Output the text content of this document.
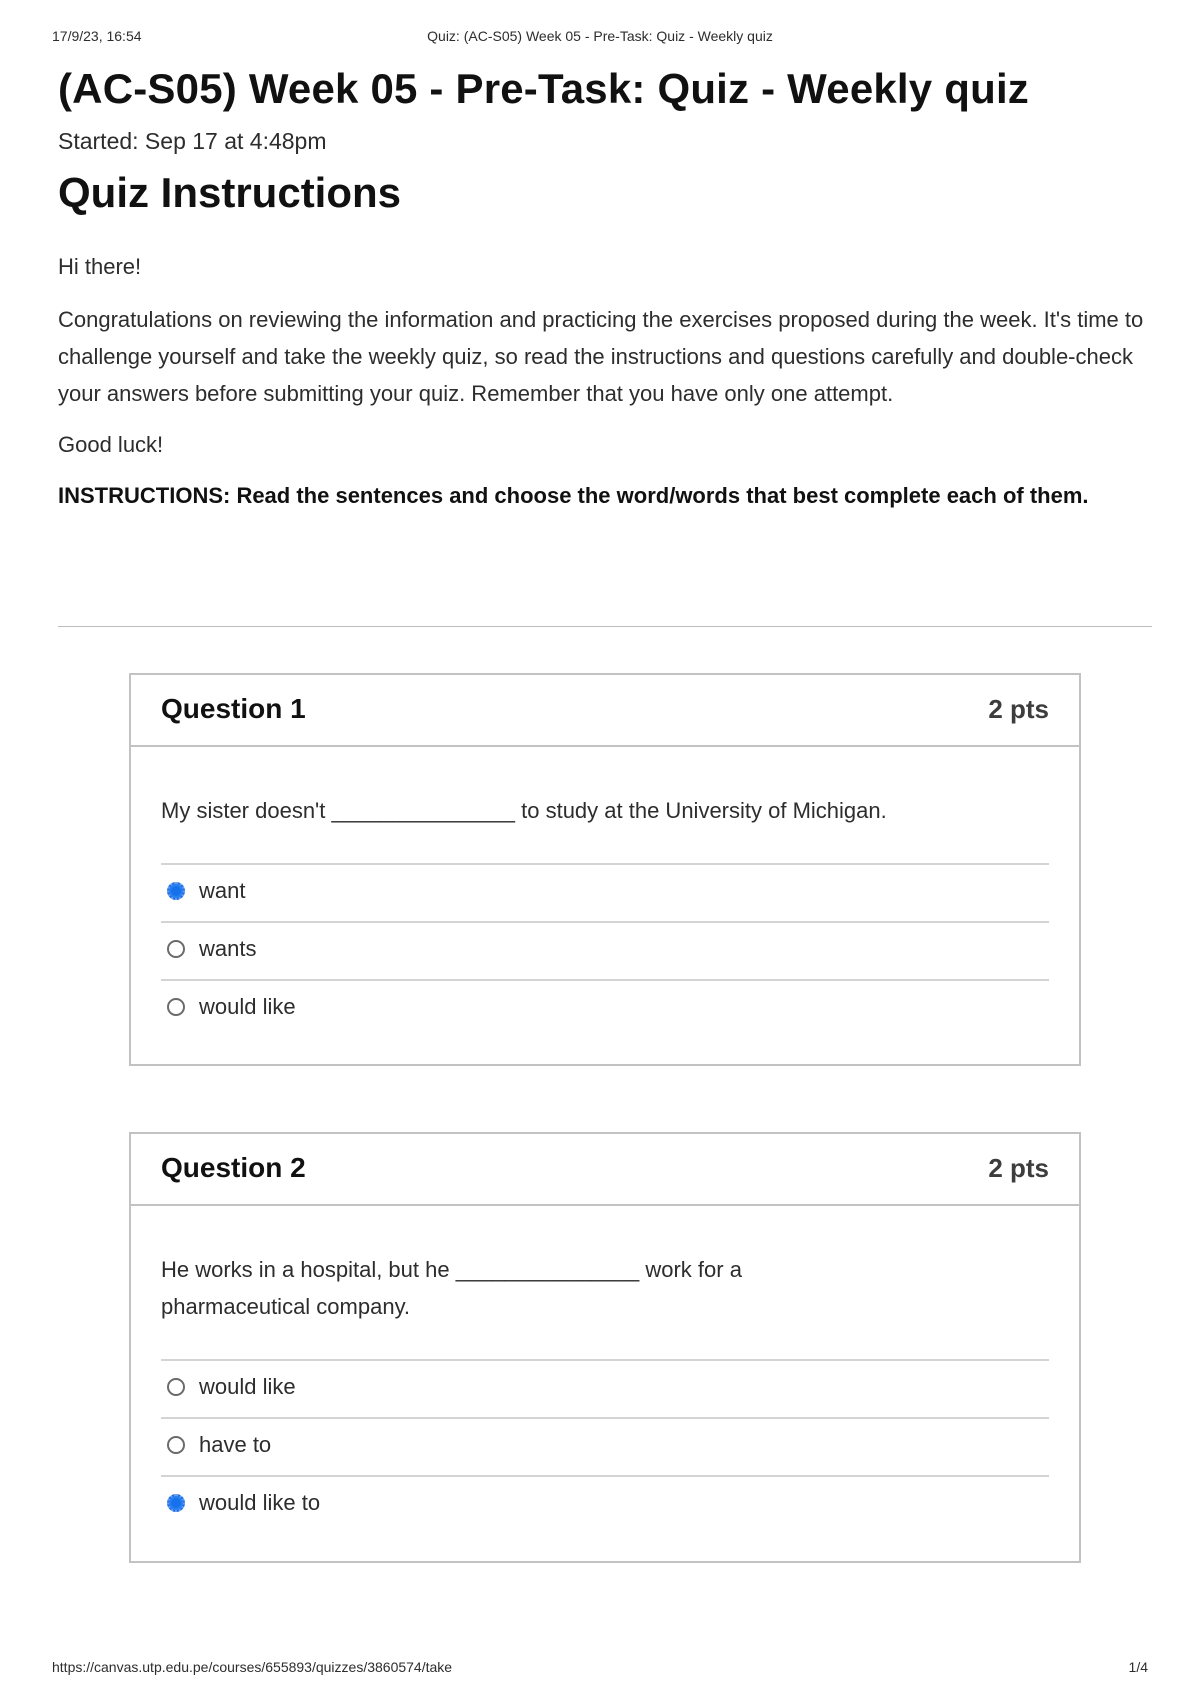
17/9/23, 16:54	Quiz: (AC-S05) Week 05 - Pre-Task: Quiz - Weekly quiz
(AC-S05) Week 05 - Pre-Task: Quiz - Weekly quiz
Started: Sep 17 at 4:48pm
Quiz Instructions

Hi there!

Congratulations on reviewing the information and practicing the exercises proposed during the week. It's time to challenge yourself and take the weekly quiz, so read the instructions and questions carefully and double-check your answers before submitting your quiz. Remember that you have only one attempt.

Good luck!

INSTRUCTIONS: Read the sentences and choose the word/words that best complete each of them.

Question 1	2 pts

My sister doesn't _______________ to study at the University of Michigan.

want
wants
would like
Question 2	2 pts

He works in a hospital, but he _______________ work for a pharmaceutical company.

would like
have to
would like to
https://canvas.utp.edu.pe/courses/655893/quizzes/3860574/take	1/4
